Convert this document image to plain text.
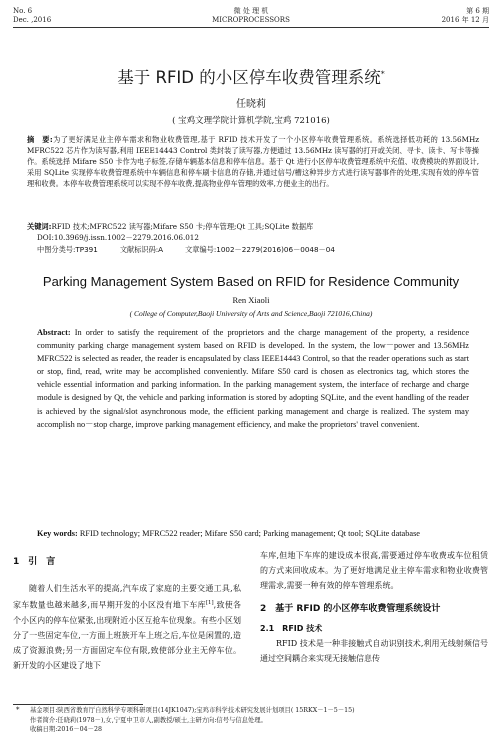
No. 6
Dec. ,2016
微 处 理 机
MICROPROCESSORS
第 6 期
2016 年 12 月
基于 RFID 的小区停车收费管理系统*
任晓莉
( 宝鸡文理学院计算机学院,宝鸡 721016)
摘　要:为了更好满足业主停车需求和物业收费管理,基于 RFID 技术开发了一个小区停车收费管理系统。系统选择低功耗的 13.56MHz MFRC522 芯片作为读写器,利用 IEEE14443 Control 类封装了读写器,方便通过 13.56MHz 读写器的打开或关闭、寻卡、读卡、写卡等操作。系统选择 Mifare S50 卡作为电子标签,存储车辆基本信息和停车信息。基于 Qt 进行小区停车收费管理系统中充值、收费模块的界面设计,采用 SQLite 实现停车收费管理系统中车辆信息和停车刷卡信息的存储,并通过信号/槽这种异步方式进行读写器事件的处理,实现有效的停车管理和收费。本停车收费管理系统可以实现不停车收费,提高物业停车管理的效率,方便业主的出行。
关键词:RFID 技术;MFRC522 读写器;Mifare S50 卡;停车管理;Qt 工具;SQLite 数据库
DOI:10.3969/j.issn.1002－2279.2016.06.012
中图分类号:TP391	文献标识码:A	文章编号:1002－2279(2016)06－0048－04
Parking Management System Based on RFID for Residence Community
Ren Xiaoli
( College of Computer,Baoji University of Arts and Science,Baoji 721016,China)
Abstract: In order to satisfy the requirement of the proprietors and the charge management of the property, a residence community parking charge management system based on RFID is developed. In the system, the low－power and 13.56MHz MFRC522 is selected as reader, the reader is encapsulated by class IEEE14443 Control, so that the reader operations such as start or stop, find, read, write may be accomplished conveniently. Mifare S50 card is chosen as electronics tag, which stores the vehicle essential information and parking information. In the parking management system, the interface of recharge and charge module is designed by Qt, the vehicle and parking information is stored by adopting SQLite, and the event handling of the reader is achieved by the signal/slot asynchronous mode, the efficient parking management and charge is realized. The system may accomplish no－stop charge, improve parking management efficiency, and make the proprietors' travel convenient.
Key words: RFID technology; MFRC522 reader; Mifare S50 card; Parking management; Qt tool; SQLite database
1　引　言

随着人们生活水平的提高,汽车成了家庭的主要交通工具,私家车数量也越来越多,而早期开发的小区没有地下车库[1],致使各个小区内的停车位紧张,出现附近小区互抢车位现象。有些小区划分了一些固定车位,一方面上班族开车上班之后,车位是闲置的,造成了资源浪费;另一方面固定车位有限,致使部分业主无停车位。新开发的小区建设了地下

车库,但地下车库的建设成本很高,需要通过停车收费或车位租赁的方式来回收成本。为了更好地满足业主停车需求和物业收费管理需求,需要一种有效的停车管理系统。

2　基于 RFID 的小区停车收费管理系统设计
2.1　RFID 技术

RFID 技术是一种非接触式自动识别技术,利用无线射频信号通过空间耦合来实现无接触信息传

* 基金项目:陕西省教育厅自然科学专项科研项目(14JK1047);宝鸡市科学技术研究发展计划项目( 15RKX－1－5－15)
作者简介:任晓莉(1978－),女,宁夏中卫市人,副教授/硕士,主研方向:信号与信息处理。
收稿日期:2016－04－28
